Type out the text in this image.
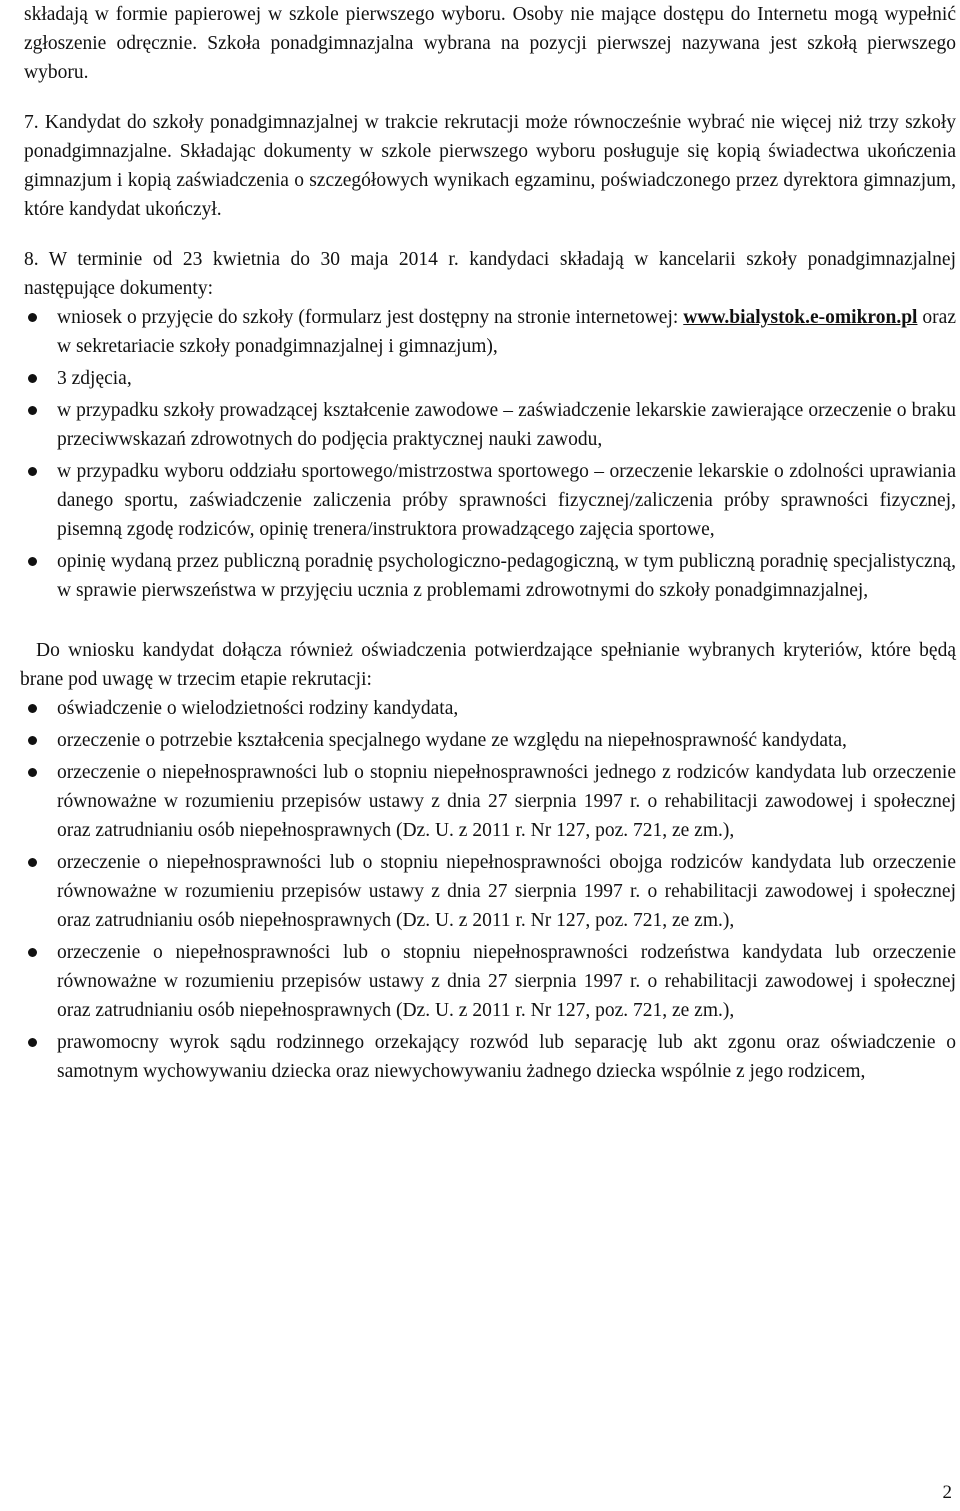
składają w formie papierowej w szkole pierwszego wyboru. Osoby nie mające dostępu do Internetu mogą wypełnić zgłoszenie odręcznie. Szkoła ponadgimnazjalna wybrana na pozycji pierwszej nazywana jest szkołą pierwszego wyboru.

7. Kandydat do szkoły ponadgimnazjalnej w trakcie rekrutacji może równocześnie wybrać nie więcej niż trzy szkoły ponadgimnazjalne. Składając dokumenty w szkole pierwszego wyboru posługuje się kopią świadectwa ukończenia gimnazjum i kopią zaświadczenia o szczegółowych wynikach egzaminu, poświadczonego przez dyrektora gimnazjum, które kandydat ukończył.

8. W terminie od 23 kwietnia do 30 maja 2014 r. kandydaci składają w kancelarii szkoły ponadgimnazjalnej następujące dokumenty:

wniosek o przyjęcie do szkoły (formularz jest dostępny na stronie internetowej: www.bialystok.e-omikron.pl oraz w sekretariacie szkoły ponadgimnazjalnej i gimnazjum),
3 zdjęcia,
w przypadku szkoły prowadzącej kształcenie zawodowe – zaświadczenie lekarskie zawierające orzeczenie o braku przeciwwskazań zdrowotnych do podjęcia praktycznej nauki zawodu,
w przypadku wyboru oddziału sportowego/mistrzostwa sportowego – orzeczenie lekarskie o zdolności uprawiania danego sportu, zaświadczenie zaliczenia próby sprawności fizycznej/zaliczenia próby sprawności fizycznej, pisemną zgodę rodziców, opinię trenera/instruktora prowadzącego zajęcia sportowe,
opinię wydaną przez publiczną poradnię psychologiczno-pedagogiczną, w tym publiczną poradnię specjalistyczną, w sprawie pierwszeństwa w przyjęciu ucznia z problemami zdrowotnymi do szkoły ponadgimnazjalnej,

Do wniosku kandydat dołącza również oświadczenia potwierdzające spełnianie wybranych kryteriów, które będą brane pod uwagę w trzecim etapie rekrutacji:

oświadczenie o wielodzietności rodziny kandydata,
orzeczenie o potrzebie kształcenia specjalnego wydane ze względu na niepełnosprawność kandydata,
orzeczenie o niepełnosprawności lub o stopniu niepełnosprawności jednego z rodziców kandydata lub orzeczenie równoważne w rozumieniu przepisów ustawy z dnia 27 sierpnia 1997 r. o rehabilitacji zawodowej i społecznej oraz zatrudnianiu osób niepełnosprawnych (Dz. U. z 2011 r. Nr 127, poz. 721, ze zm.),
orzeczenie o niepełnosprawności lub o stopniu niepełnosprawności obojga rodziców kandydata lub orzeczenie równoważne w rozumieniu przepisów ustawy z dnia 27 sierpnia 1997 r. o rehabilitacji zawodowej i społecznej oraz zatrudnianiu osób niepełnosprawnych (Dz. U. z 2011 r. Nr 127, poz. 721, ze zm.),
orzeczenie o niepełnosprawności lub o stopniu niepełnosprawności rodzeństwa kandydata lub orzeczenie równoważne w rozumieniu przepisów ustawy z dnia 27 sierpnia 1997 r. o rehabilitacji zawodowej i społecznej oraz zatrudnianiu osób niepełnosprawnych (Dz. U. z 2011 r. Nr 127, poz. 721, ze zm.),
prawomocny wyrok sądu rodzinnego orzekający rozwód lub separację lub akt zgonu oraz oświadczenie o samotnym wychowywaniu dziecka oraz niewychowywaniu żadnego dziecka wspólnie z jego rodzicem,
2
